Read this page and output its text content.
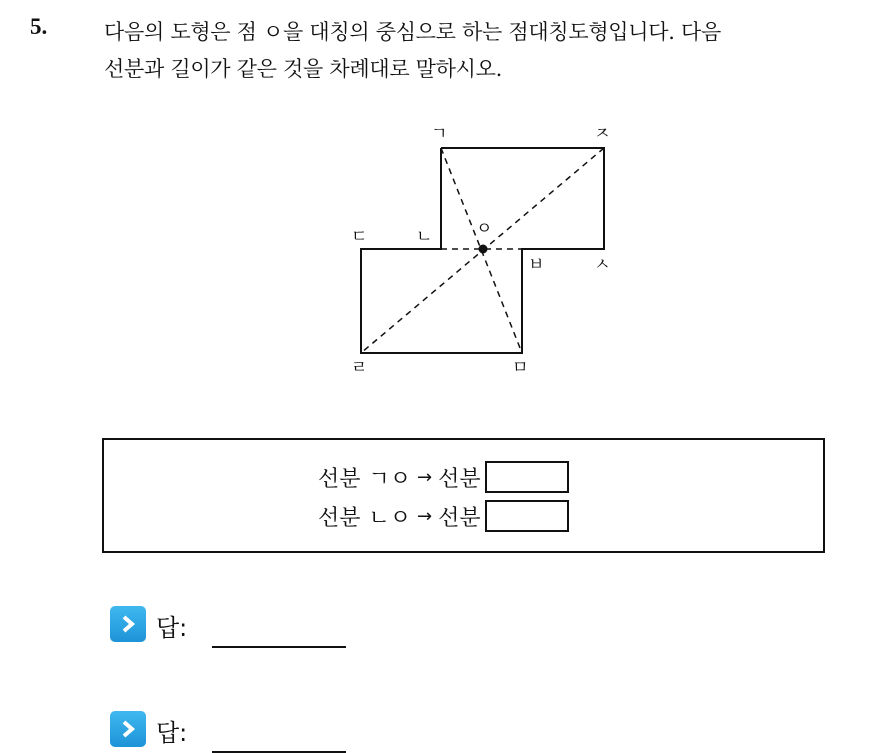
5.	다음의 도형은 점 ㅇ을 대칭의 중심으로 하는 점대칭도형입니다. 다음
선분과 길이가 같은 것을 차례대로 말하시오.
ㄱ	ㅈ
ㄷ	ㄴ	ㅇ
ㅂ	ㅅ
ㄹ	ㅁ
선분 ㄱㅇ → 선분
선분 ㄴㅇ → 선분
답:
답:
